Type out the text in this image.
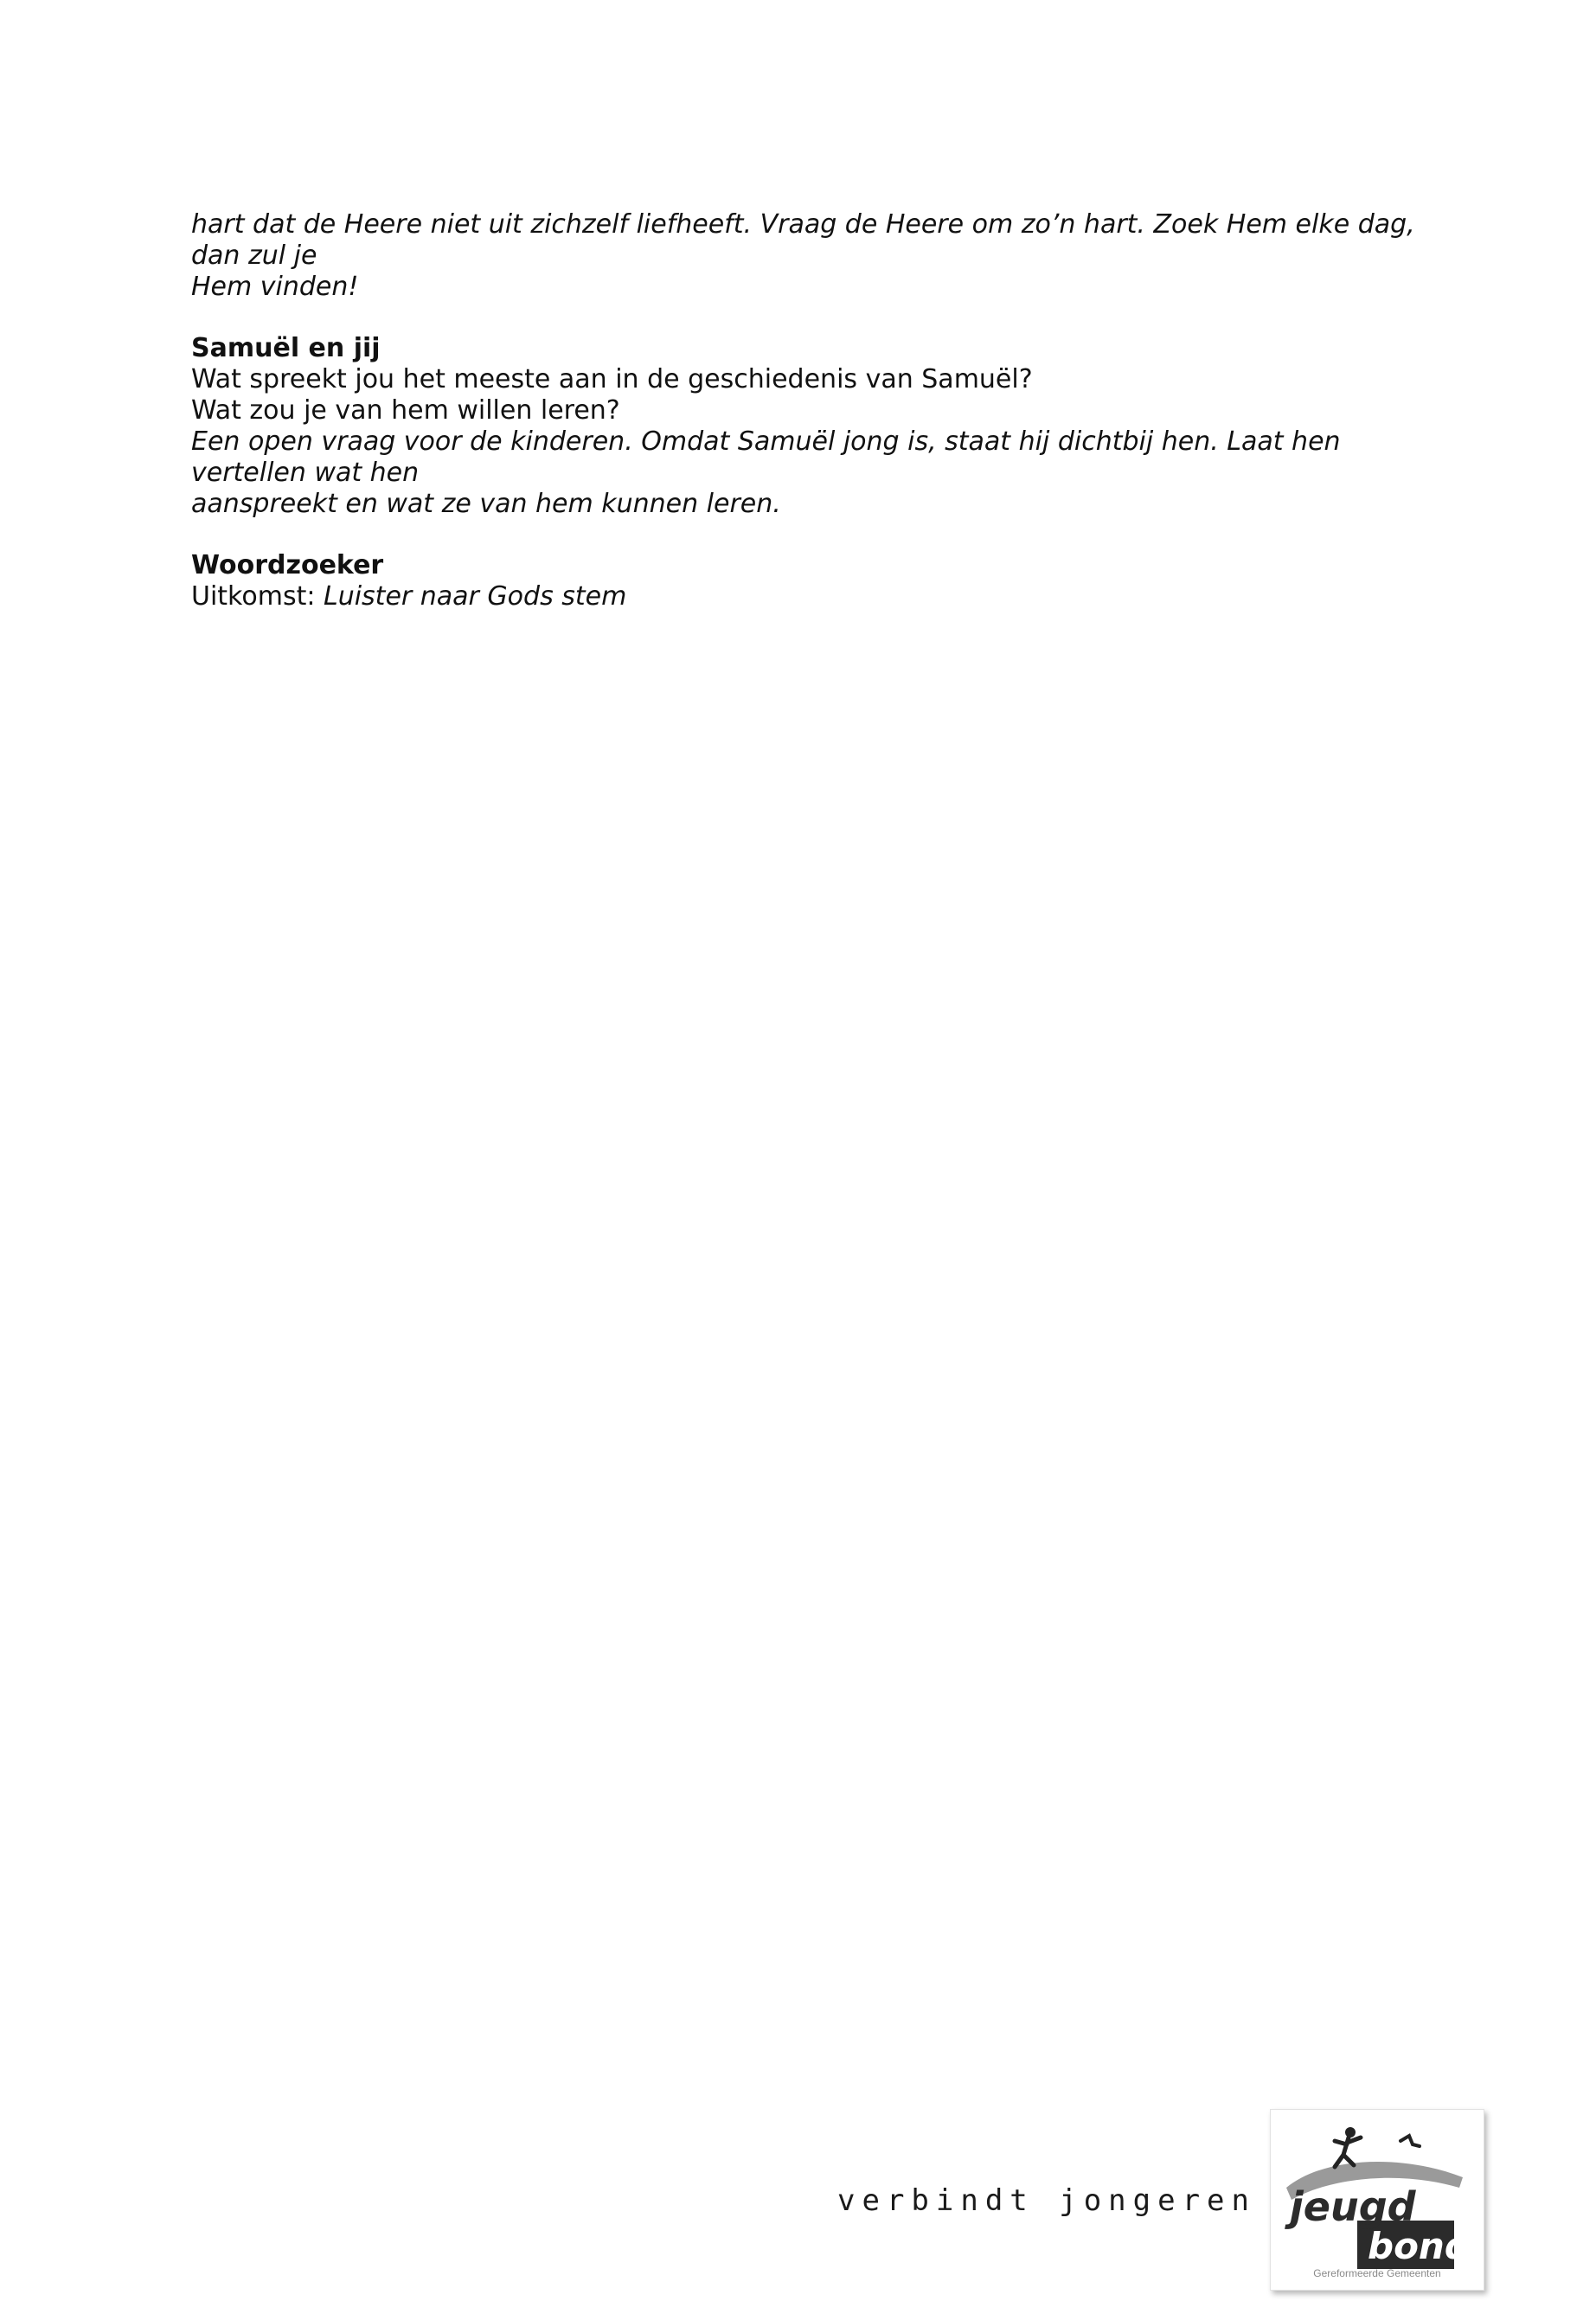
hart dat de Heere niet uit zichzelf liefheeft. Vraag de Heere om zo’n hart. Zoek Hem elke dag, dan zul je

Hem vinden!

Samuël en jij

Wat spreekt jou het meeste aan in de geschiedenis van Samuël?

Wat zou je van hem willen leren?

Een open vraag voor de kinderen. Omdat Samuël jong is, staat hij dichtbij hen. Laat hen vertellen wat hen

aanspreekt en wat ze van hem kunnen leren.

Woordzoeker

Uitkomst: Luister naar Gods stem

verbindt jongeren jeugd
bond
Gereformeerde Gemeenten
